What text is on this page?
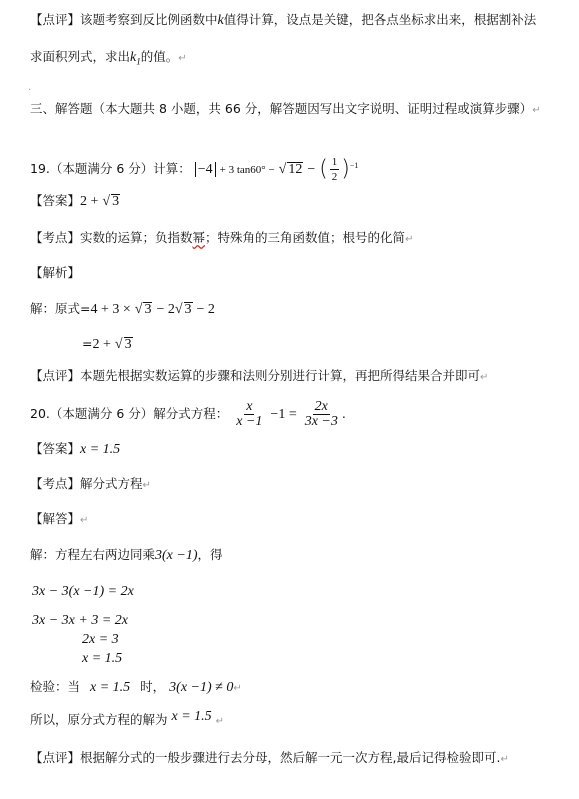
【点评】该题考察到反比例函数中k值得计算，设点是关键，把各点坐标求出来，根据割补法
求面积列式，求出$k_1$的值。↵
.
三、解答题（本大题共 8 小题，共 66 分，解答题因写出文字说明、证明过程或演算步骤）↵
19.（本题满分 6 分）计算： −4 + 3 tan60° − √ 12 − ( $\frac{1}{2} )^{-1}$
【答案】2 + √ 3
【考点】实数的运算；负指数幂；特殊角的三角函数值；根号的化简↵
【解析】
解：原式=4 + 3 × √ 3 − 2√ 3 − 2
=2 + √ 3
【点评】本题先根据实数运算的步骤和法则分别进行计算，再把所得结果合并即可↵
20.（本题满分 6 分）解分式方程： $\frac{x}{x -1} -1 = \frac{2x}{3x -3}$ .
【答案】x = 1.5
【考点】解分式方程↵
【解答】↵
解：方程左右两边同乘3(x −1)，得
3x − 3(x −1) = 2x
3x − 3x + 3 = 2x
2x = 3
x = 1.5
检验：当 x = 1.5 时， 3(x −1) ≠ 0↵
所以，原分式方程的解为 x = 1.5 ↵
【点评】根据解分式的一般步骤进行去分母，然后解一元一次方程,最后记得检验即可.↵
